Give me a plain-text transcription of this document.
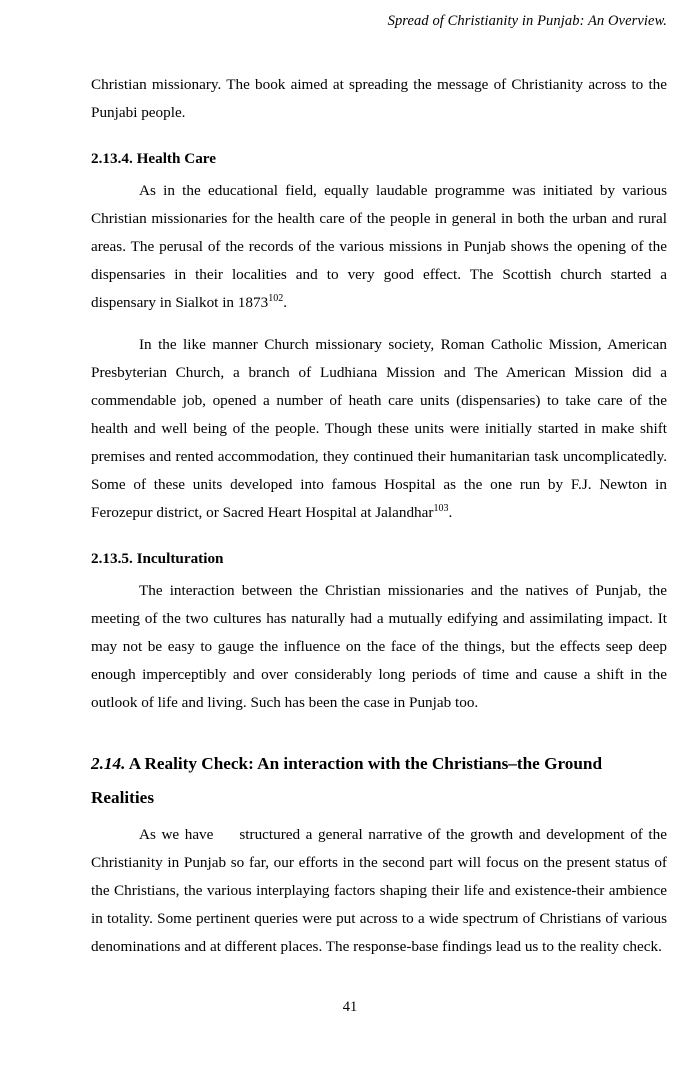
Spread of Christianity in Punjab: An Overview.

Christian missionary. The book aimed at spreading the message of Christianity across to the Punjabi people.

2.13.4. Health Care

As in the educational field, equally laudable programme was initiated by various Christian missionaries for the health care of the people in general in both the urban and rural areas. The perusal of the records of the various missions in Punjab shows the opening of the dispensaries in their localities and to very good effect. The Scottish church started a dispensary in Sialkot in 1873$^{102}$.

In the like manner Church missionary society, Roman Catholic Mission, American Presbyterian Church, a branch of Ludhiana Mission and The American Mission did a commendable job, opened a number of heath care units (dispensaries) to take care of the health and well being of the people. Though these units were initially started in make shift premises and rented accommodation, they continued their humanitarian task uncomplicatedly. Some of these units developed into famous Hospital as the one run by F.J. Newton in Ferozepur district, or Sacred Heart Hospital at Jalandhar$^{103}$.

2.13.5. Inculturation

The interaction between the Christian missionaries and the natives of Punjab, the meeting of the two cultures has naturally had a mutually edifying and assimilating impact. It may not be easy to gauge the influence on the face of the things, but the effects seep deep enough imperceptibly and over considerably long periods of time and cause a shift in the outlook of life and living. Such has been the case in Punjab too.

2.14. A Reality Check: An interaction with the Christians–the Ground Realities

As we have structured a general narrative of the growth and development of the Christianity in Punjab so far, our efforts in the second part will focus on the present status of the Christians, the various interplaying factors shaping their life and existence-their ambience in totality. Some pertinent queries were put across to a wide spectrum of Christians of various denominations and at different places. The response-base findings lead us to the reality check.

41
